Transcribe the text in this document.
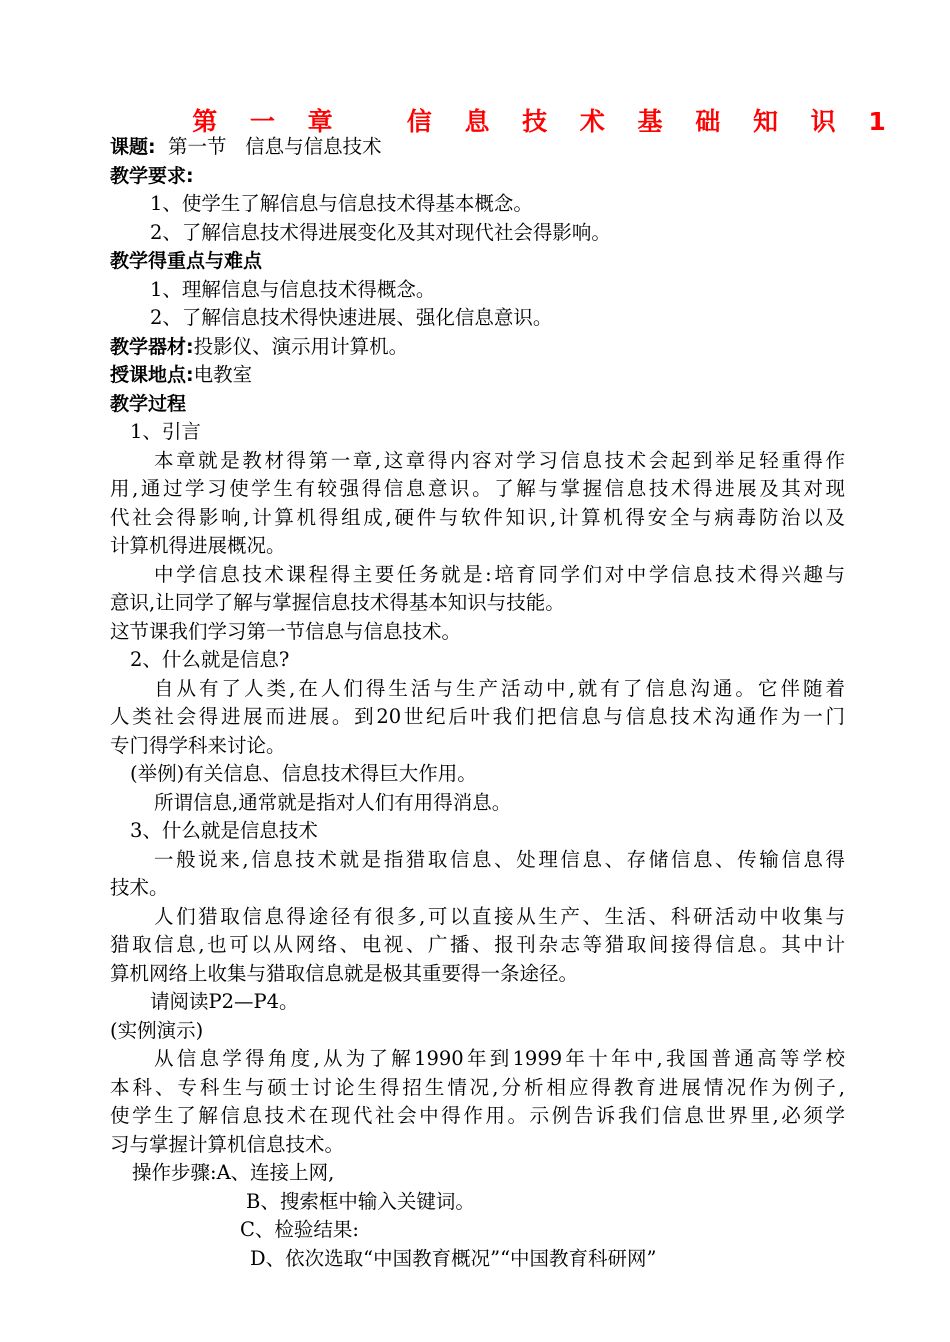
第 一 章   信 息 技 术 基 础 知 识 1
课题:  第一节   信息与信息技术
教学要求:
1、使学生了解信息与信息技术得基本概念。
2、了解信息技术得进展变化及其对现代社会得影响。
教学得重点与难点
1、理解信息与信息技术得概念。
2、了解信息技术得快速进展、强化信息意识。
教学器材:投影仪、演示用计算机。
授课地点:电教室
教学过程
1、引言
本章就是教材得第一章,这章得内容对学习信息技术会起到举足轻重得作
用,通过学习使学生有较强得信息意识。了解与掌握信息技术得进展及其对现
代社会得影响,计算机得组成,硬件与软件知识,计算机得安全与病毒防治以及
计算机得进展概况。
中学信息技术课程得主要任务就是:培育同学们对中学信息技术得兴趣与
意识,让同学了解与掌握信息技术得基本知识与技能。
这节课我们学习第一节信息与信息技术。
2、什么就是信息?
自从有了人类,在人们得生活与生产活动中,就有了信息沟通。它伴随着
人类社会得进展而进展。到20世纪后叶我们把信息与信息技术沟通作为一门
专门得学科来讨论。
(举例)有关信息、信息技术得巨大作用。
所谓信息,通常就是指对人们有用得消息。
3、什么就是信息技术
一般说来,信息技术就是指猎取信息、处理信息、存储信息、传输信息得
技术。
人们猎取信息得途径有很多,可以直接从生产、生活、科研活动中收集与
猎取信息,也可以从网络、电视、广播、报刊杂志等猎取间接得信息。其中计
算机网络上收集与猎取信息就是极其重要得一条途径。
请阅读P2—P4。
(实例演示)
从信息学得角度,从为了解1990年到1999年十年中,我国普通高等学校
本科、专科生与硕士讨论生得招生情况,分析相应得教育进展情况作为例子,
使学生了解信息技术在现代社会中得作用。示例告诉我们信息世界里,必须学
习与掌握计算机信息技术。
操作步骤:A、连接上网,
B、搜索框中输入关键词。
C、检验结果:
D、依次选取“中国教育概况”“中国教育科研网”
